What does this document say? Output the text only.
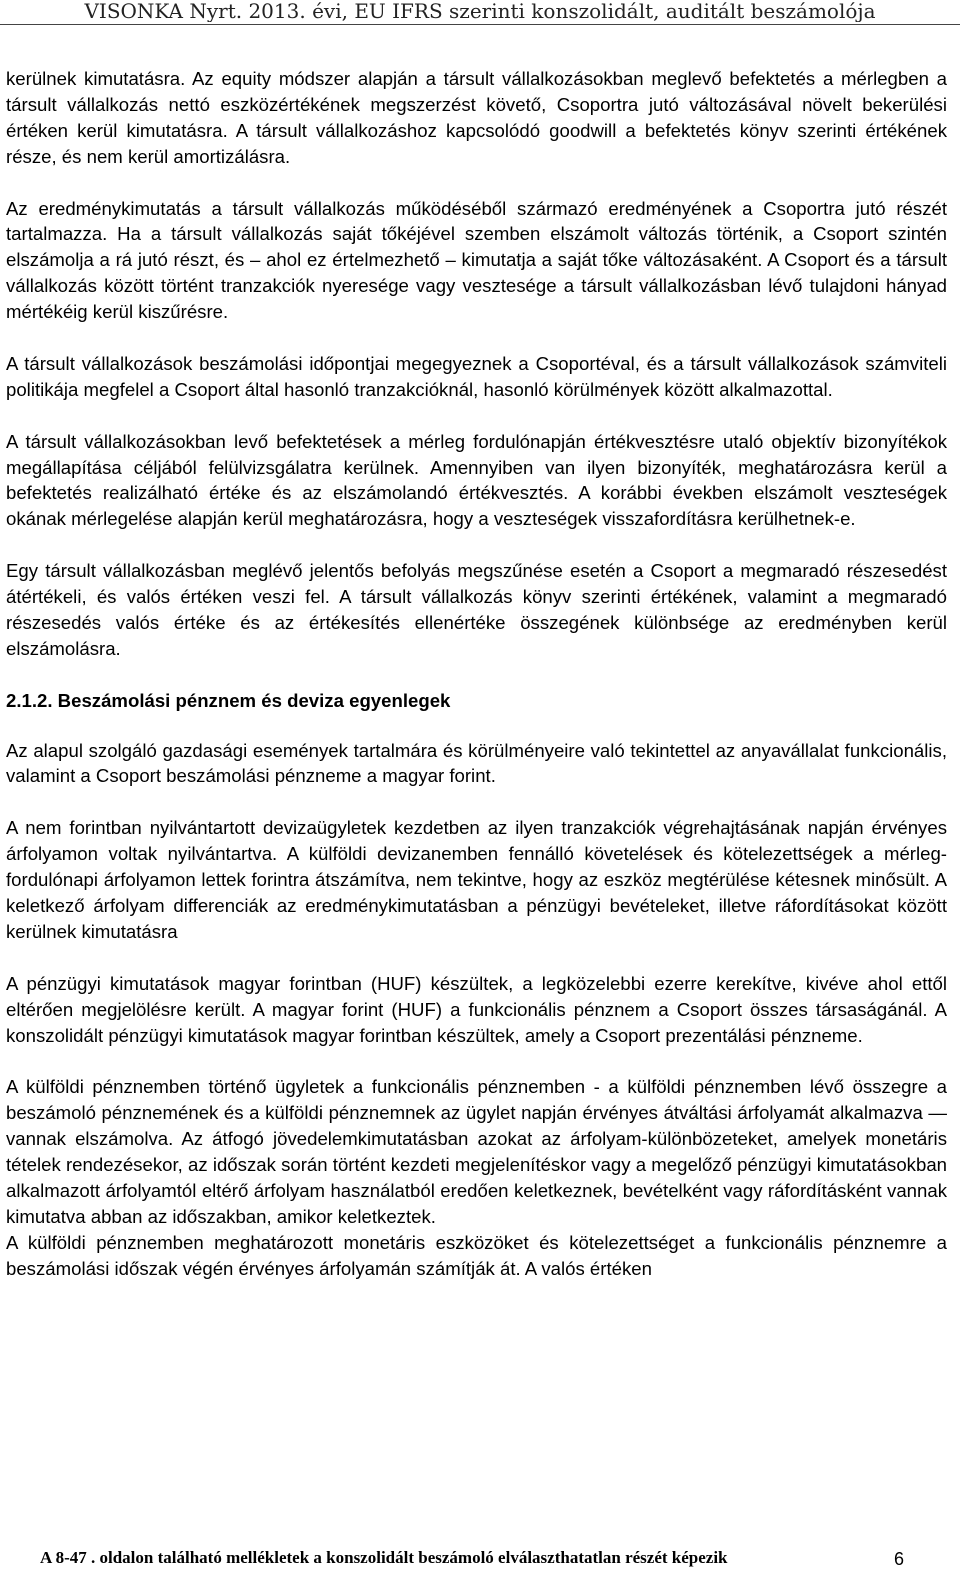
VISONKA Nyrt. 2013. évi, EU IFRS szerinti konszolidált, auditált beszámolója

kerülnek kimutatásra. Az equity módszer alapján a társult vállalkozásokban meglevő befektetés a mérlegben a társult vállalkozás nettó eszközértékének megszerzést követő, Csoportra jutó változásával növelt bekerülési értéken kerül kimutatásra. A társult vállalkozáshoz kapcsolódó goodwill a befektetés könyv szerinti értékének része, és nem kerül amortizálásra.

Az eredménykimutatás a társult vállalkozás működéséből származó eredményének a Csoportra jutó részét tartalmazza. Ha a társult vállalkozás saját tőkéjével szemben elszámolt változás történik, a Csoport szintén elszámolja a rá jutó részt, és – ahol ez értelmezhető – kimutatja a saját tőke változásaként. A Csoport és a társult vállalkozás között történt tranzakciók nyeresége vagy vesztesége a társult vállalkozásban lévő tulajdoni hányad mértékéig kerül kiszűrésre.

A társult vállalkozások beszámolási időpontjai megegyeznek a Csoportéval, és a társult vállalkozások számviteli politikája megfelel a Csoport által hasonló tranzakcióknál, hasonló körülmények között alkalmazottal.

A társult vállalkozásokban levő befektetések a mérleg fordulónapján értékvesztésre utaló objektív bizonyítékok megállapítása céljából felülvizsgálatra kerülnek. Amennyiben van ilyen bizonyíték, meghatározásra kerül a befektetés realizálható értéke és az elszámolandó értékvesztés. A korábbi években elszámolt veszteségek okának mérlegelése alapján kerül meghatározásra, hogy a veszteségek visszafordításra kerülhetnek-e.

Egy társult vállalkozásban meglévő jelentős befolyás megszűnése esetén a Csoport a megmaradó részesedést átértékeli, és valós értéken veszi fel. A társult vállalkozás könyv szerinti értékének, valamint a megmaradó részesedés valós értéke és az értékesítés ellenértéke összegének különbsége az eredményben kerül elszámolásra.

2.1.2. Beszámolási pénznem és deviza egyenlegek

Az alapul szolgáló gazdasági események tartalmára és körülményeire való tekintettel az anyavállalat funkcionális, valamint a Csoport beszámolási pénzneme a magyar forint.

A nem forintban nyilvántartott devizaügyletek kezdetben az ilyen tranzakciók végrehajtásának napján érvényes árfolyamon voltak nyilvántartva. A külföldi devizanemben fennálló követelések és kötelezettségek a mérleg-fordulónapi árfolyamon lettek forintra átszámítva, nem tekintve, hogy az eszköz megtérülése kétesnek minősült. A keletkező árfolyam differenciák az eredménykimutatásban a pénzügyi bevételeket, illetve ráfordításokat között kerülnek kimutatásra

A pénzügyi kimutatások magyar forintban (HUF) készültek, a legközelebbi ezerre kerekítve, kivéve ahol ettől eltérően megjelölésre került. A magyar forint (HUF) a funkcionális pénznem a Csoport összes társaságánál. A konszolidált pénzügyi kimutatások magyar forintban készültek, amely a Csoport prezentálási pénzneme.

A külföldi pénznemben történő ügyletek a funkcionális pénznemben - a külföldi pénznemben lévő összegre a beszámoló pénznemének és a külföldi pénznemnek az ügylet napján érvényes átváltási árfolyamát alkalmazva — vannak elszámolva. Az átfogó jövedelemkimutatásban azokat az árfolyam-különbözeteket, amelyek monetáris tételek rendezésekor, az időszak során történt kezdeti megjelenítéskor vagy a megelőző pénzügyi kimutatásokban alkalmazott árfolyamtól eltérő árfolyam használatból eredően keletkeznek, bevételként vagy ráfordításként vannak kimutatva abban az időszakban, amikor keletkeztek.

A külföldi pénznemben meghatározott monetáris eszközöket és kötelezettséget a funkcionális pénznemre a beszámolási időszak végén érvényes árfolyamán számítják át. A valós értéken

A 8-47 . oldalon található mellékletek a konszolidált beszámoló elválaszthatatlan részét képezik	6
